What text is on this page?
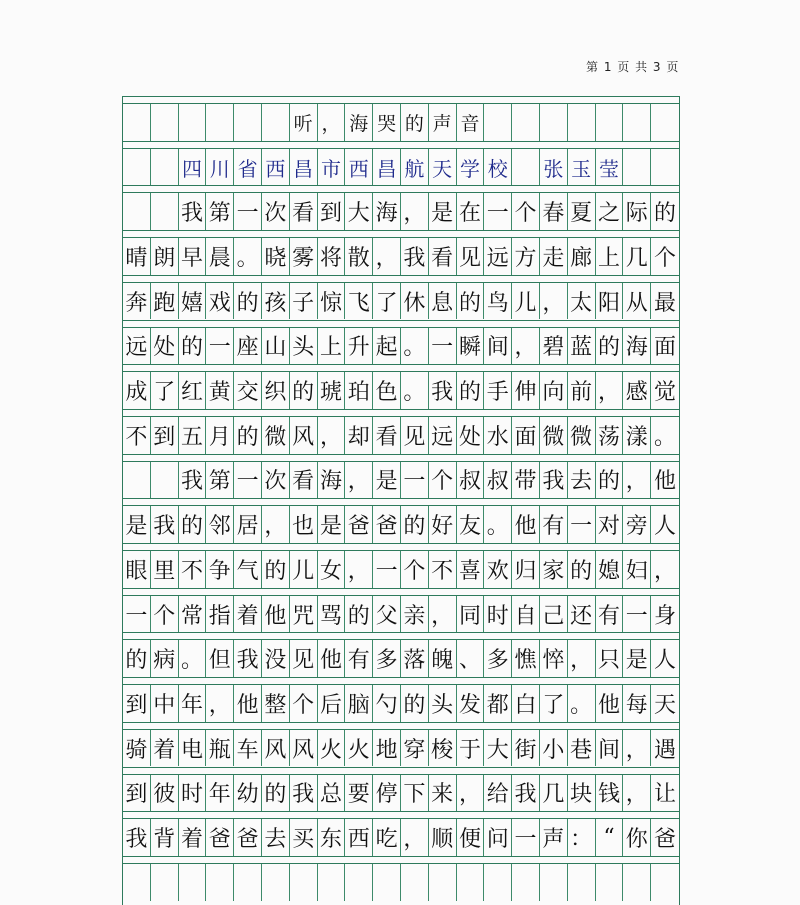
第 1 页 共 3 页
听 ， 海 哭 的 声 音
四 川 省 西 昌 市 西 昌 航 天 学 校 张 玉 莹
我 第 一 次 看 到 大 海 ， 是 在 一 个 春 夏 之 际 的
晴 朗 早 晨 。 晓 雾 将 散 ， 我 看 见 远 方 走 廊 上 几 个
奔 跑 嬉 戏 的 孩 子 惊 飞 了 休 息 的 鸟 儿 ， 太 阳 从 最
远 处 的 一 座 山 头 上 升 起 。 一 瞬 间 ， 碧 蓝 的 海 面
成 了 红 黄 交 织 的 琥 珀 色 。 我 的 手 伸 向 前 ， 感 觉
不 到 五 月 的 微 风 ， 却 看 见 远 处 水 面 微 微 荡 漾 。
我 第 一 次 看 海 ， 是 一 个 叔 叔 带 我 去 的 ， 他
是 我 的 邻 居 ， 也 是 爸 爸 的 好 友 。 他 有 一 对 旁 人
眼 里 不 争 气 的 儿 女 ， 一 个 不 喜 欢 归 家 的 媳 妇 ，
一 个 常 指 着 他 咒 骂 的 父 亲 ， 同 时 自 己 还 有 一 身
的 病 。 但 我 没 见 他 有 多 落 魄 、 多 憔 悴 ， 只 是 人
到 中 年 ， 他 整 个 后 脑 勺 的 头 发 都 白 了 。 他 每 天
骑 着 电 瓶 车 风 风 火 火 地 穿 梭 于 大 街 小 巷 间 ， 遇
到 彼 时 年 幼 的 我 总 要 停 下 来 ， 给 我 几 块 钱 ， 让
我 背 着 爸 爸 去 买 东 西 吃 ， 顺 便 问 一 声 ： “ 你 爸
